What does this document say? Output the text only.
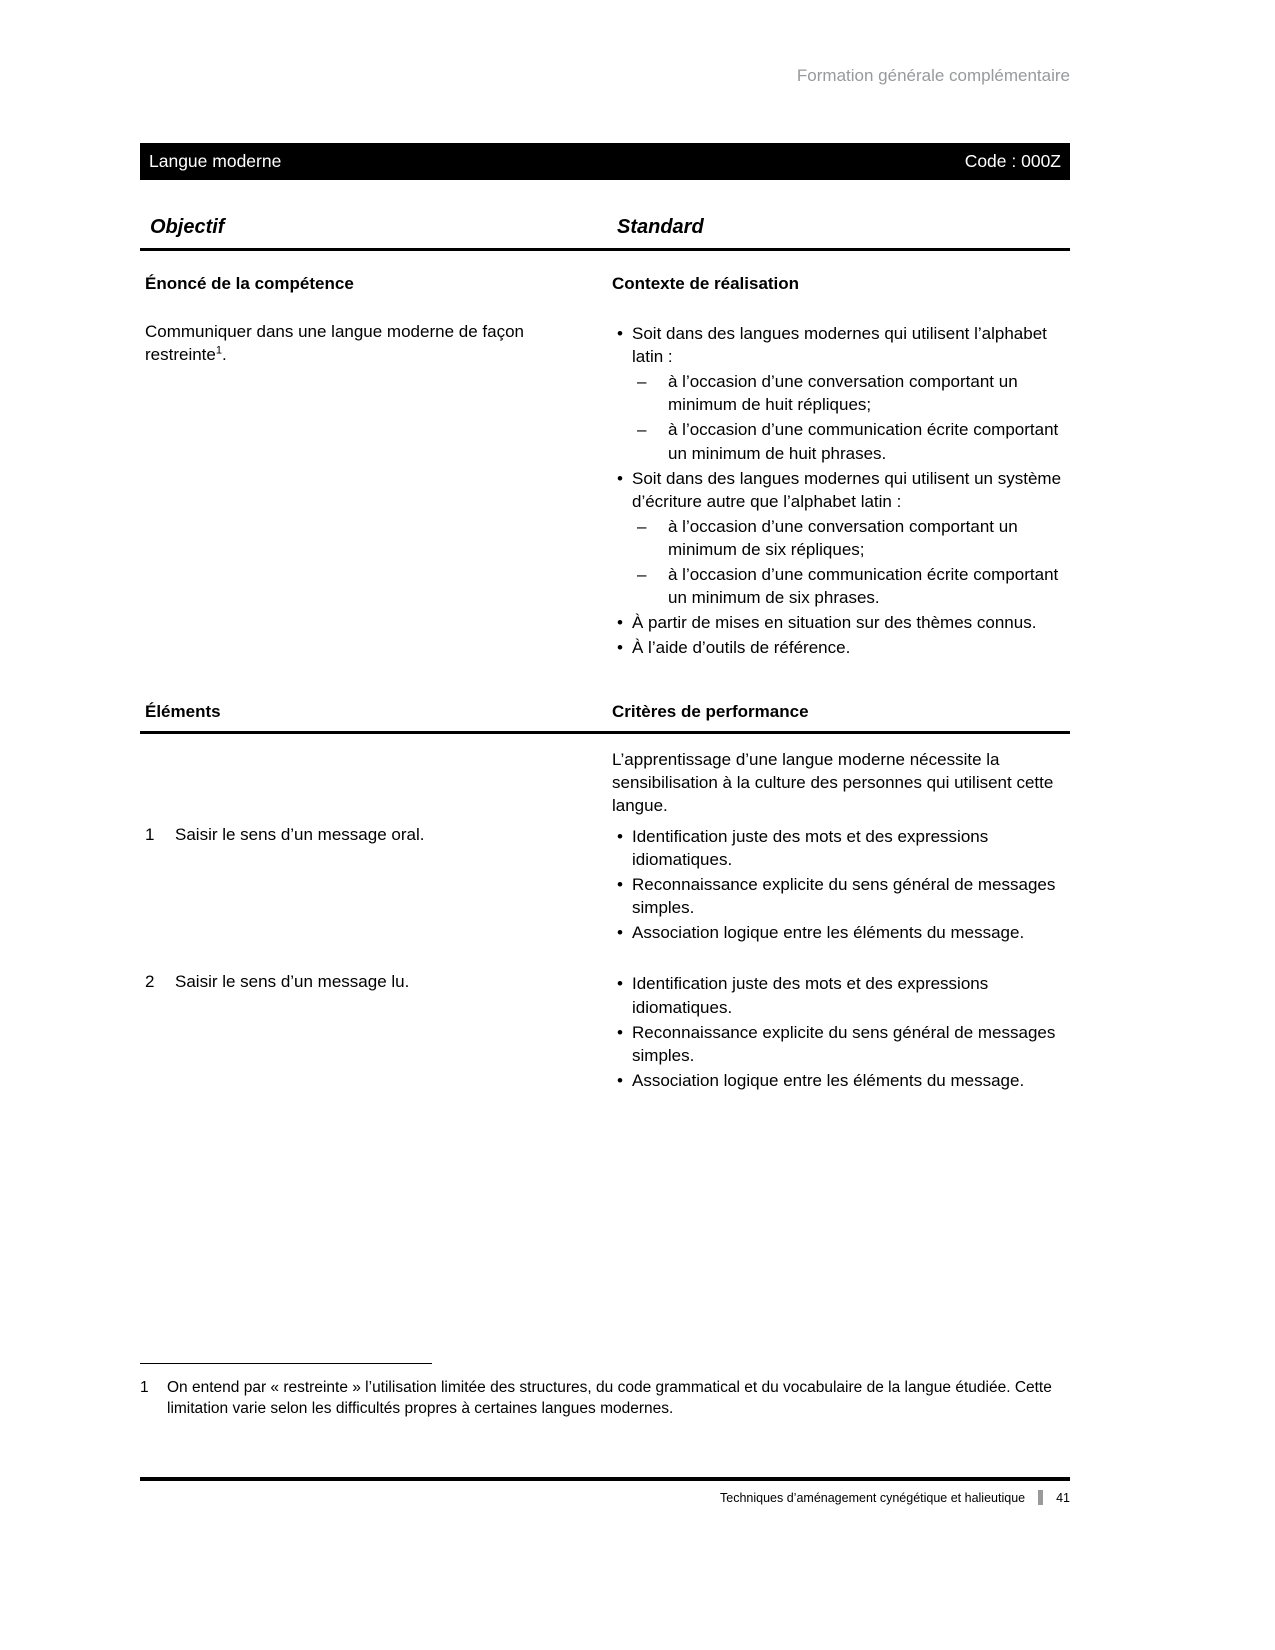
Formation générale complémentaire
Langue moderne	Code : 000Z
Objectif	Standard
Énoncé de la compétence	Contexte de réalisation
Communiquer dans une langue moderne de façon restreinte$^1$.
• Soit dans des langues modernes qui utilisent l’alphabet latin :
–	à l’occasion d’une conversation comportant un minimum de huit répliques;
–	à l’occasion d’une communication écrite comportant un minimum de huit phrases.
• Soit dans des langues modernes qui utilisent un système d’écriture autre que l’alphabet latin :
–	à l’occasion d’une conversation comportant un minimum de six répliques;
–	à l’occasion d’une communication écrite comportant un minimum de six phrases.
• À partir de mises en situation sur des thèmes connus.
• À l’aide d’outils de référence.
Éléments	Critères de performance
L’apprentissage d’une langue moderne nécessite la sensibilisation à la culture des personnes qui utilisent cette langue.
1	Saisir le sens d’un message oral.	• Identification juste des mots et des expressions idiomatiques.
• Reconnaissance explicite du sens général de messages simples.
• Association logique entre les éléments du message.
2	Saisir le sens d’un message lu.	• Identification juste des mots et des expressions idiomatiques.
• Reconnaissance explicite du sens général de messages simples.
• Association logique entre les éléments du message.
1	On entend par « restreinte » l’utilisation limitée des structures, du code grammatical et du vocabulaire de la langue étudiée. Cette limitation varie selon les difficultés propres à certaines langues modernes.
Techniques d’aménagement cynégétique et halieutique 41
